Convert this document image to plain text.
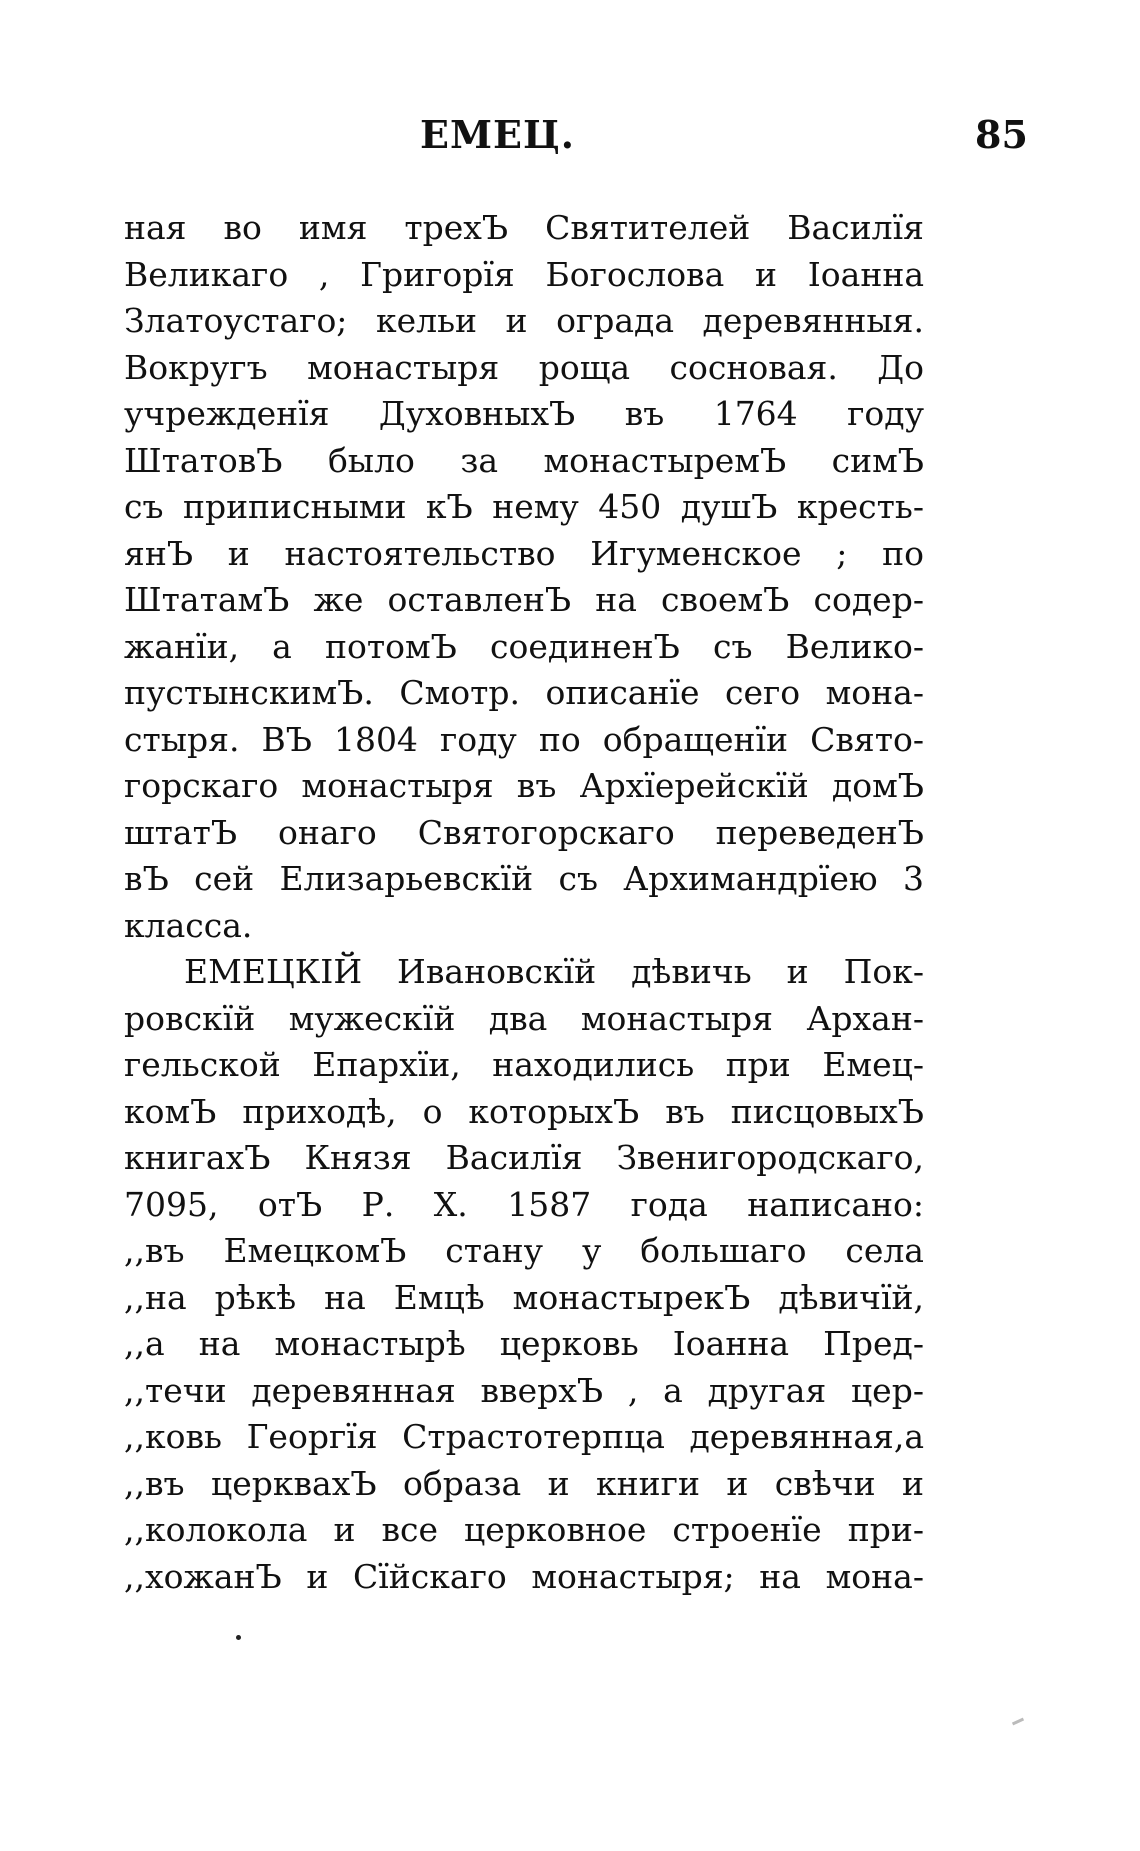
ЕМЕЦ.	85
ная во имя трехЪ Святителей Василїя
Великаго , Григорїя Богослова и Іоанна
Златоустаго; кельи и ограда деревянныя.
Вокругъ монастыря роща сосновая. До
учрежденїя ДуховныхЪ въ 1764 году
ШтатовЪ было за монастыремЪ симЪ
съ приписными кЪ нему 450 душЪ кресть-
янЪ и настоятельство Игуменское ; по
ШтатамЪ же оставленЪ на своемЪ содер-
жанїи, а потомЪ соединенЪ съ Велико-
пустынскимЪ. Смотр. описанїе сего мона-
стыря. ВЪ 1804 году по обращенїи Свято-
горскаго монастыря въ Архїерейскїй домЪ
штатЪ онаго Святогорскаго переведенЪ
вЪ сей Елизарьевскїй съ Архимандрїею 3
класса.
ЕМЕЦКІЙ Ивановскїй дѣвичь и Пок-
ровскїй мужескїй два монастыря Архан-
гельской Епархїи, находились при Емец-
комЪ приходѣ, о которыхЪ въ писцовыхЪ
книгахЪ Князя Василїя Звенигородскаго,
7095, отЪ Р. Х. 1587 года написано:
,,въ ЕмецкомЪ стану у большаго села
,,на рѣкѣ на Емцѣ монастырекЪ дѣвичїй,
,,а на монастырѣ церковь Іоанна Пред-
,,течи деревянная вверхЪ , а другая цер-
,,ковь Георгїя Страстотерпца деревянная,а
,,въ церквахЪ образа и книги и свѣчи и
,,колокола и все церковное строенїе при-
,,хожанЪ и Сїйскаго монастыря; на мона-
